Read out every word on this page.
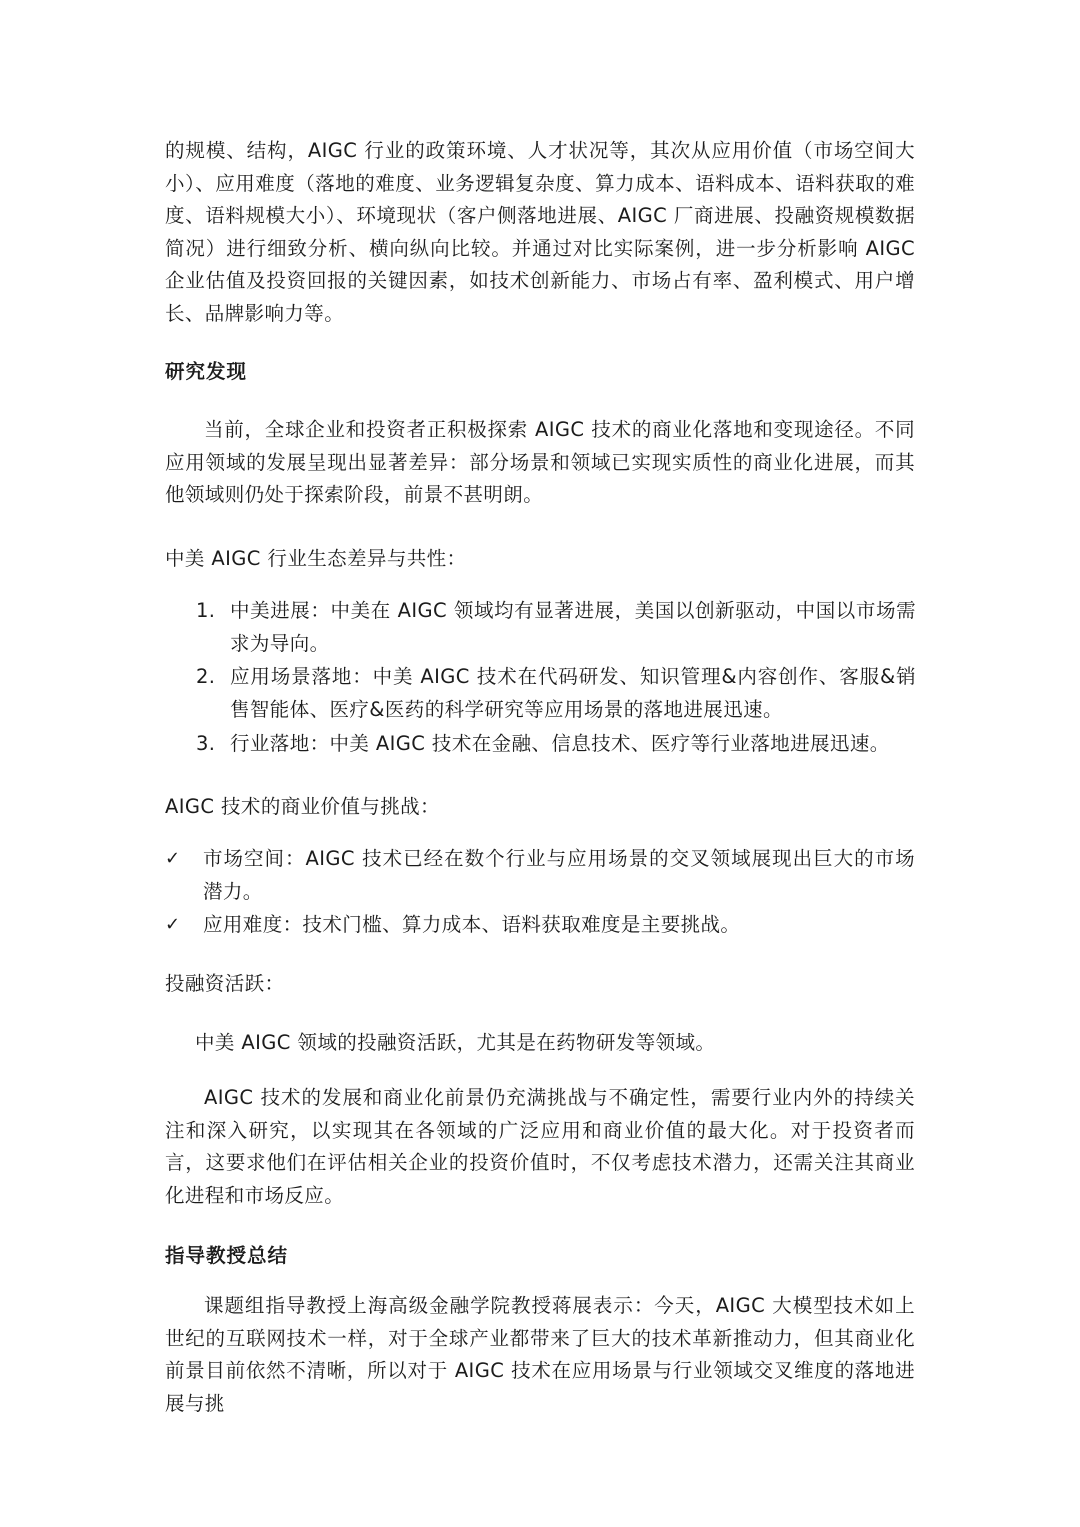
的规模、结构，AIGC 行业的政策环境、人才状况等，其次从应用价值（市场空间大小）、应用难度（落地的难度、业务逻辑复杂度、算力成本、语料成本、语料获取的难度、语料规模大小）、环境现状（客户侧落地进展、AIGC 厂商进展、投融资规模数据简况）进行细致分析、横向纵向比较。并通过对比实际案例，进一步分析影响 AIGC 企业估值及投资回报的关键因素，如技术创新能力、市场占有率、盈利模式、用户增长、品牌影响力等。

研究发现

当前，全球企业和投资者正积极探索 AIGC 技术的商业化落地和变现途径。不同应用领域的发展呈现出显著差异：部分场景和领域已实现实质性的商业化进展，而其他领域则仍处于探索阶段，前景不甚明朗。

中美 AIGC 行业生态差异与共性：

1. 中美进展：中美在 AIGC 领域均有显著进展，美国以创新驱动，中国以市场需求为导向。
2. 应用场景落地：中美 AIGC 技术在代码研发、知识管理&内容创作、客服&销售智能体、医疗&医药的科学研究等应用场景的落地进展迅速。
3. 行业落地：中美 AIGC 技术在金融、信息技术、医疗等行业落地进展迅速。

AIGC 技术的商业价值与挑战：

✓	市场空间：AIGC 技术已经在数个行业与应用场景的交叉领域展现出巨大的市场潜力。
✓	应用难度：技术门槛、算力成本、语料获取难度是主要挑战。

投融资活跃：

中美 AIGC 领域的投融资活跃，尤其是在药物研发等领域。

AIGC 技术的发展和商业化前景仍充满挑战与不确定性，需要行业内外的持续关注和深入研究，以实现其在各领域的广泛应用和商业价值的最大化。对于投资者而言，这要求他们在评估相关企业的投资价值时，不仅考虑技术潜力，还需关注其商业化进程和市场反应。

指导教授总结

课题组指导教授上海高级金融学院教授蒋展表示：今天，AIGC 大模型技术如上世纪的互联网技术一样，对于全球产业都带来了巨大的技术革新推动力，但其商业化前景目前依然不清晰，所以对于 AIGC 技术在应用场景与行业领域交叉维度的落地进展与挑
